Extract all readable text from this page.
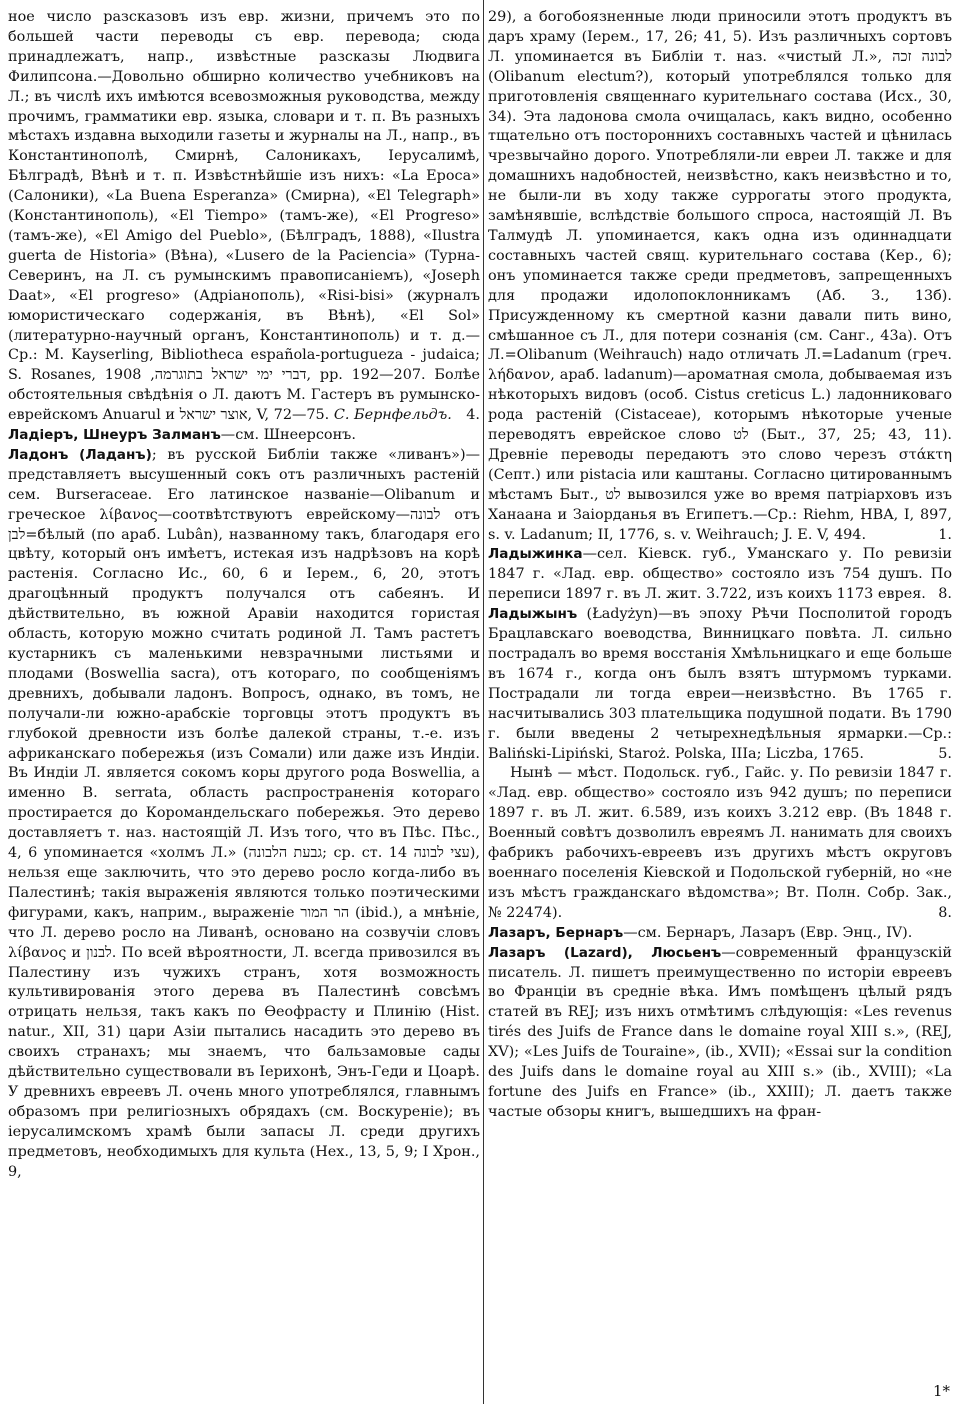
ное число разсказовъ изъ евр. жизни, причемъ это по большей части переводы съ евр. перевода; сюда принадлежатъ, напр., извѣстные разсказы Людвига Филипсона.—Довольно обширно количество учебниковъ на Л.; въ числѣ ихъ имѣются всевозможныя руководства, между прочимъ, грамматики евр. языка, словари и т. п. Въ разныхъ мѣстахъ издавна выходили газеты и журналы на Л., напр., въ Константинополѣ, Смирнѣ, Салоникахъ, Іерусалимѣ, Бѣлградѣ, Вѣнѣ и т. п. Извѣстнѣйшіе изъ нихъ: «La Epoca» (Салоники), «La Buena Esperanza» (Смирна), «El Telegraph» (Константинополь), «El Tiempo» (тамъ-же), «El Progreso» (тамъ-же), «El Amigo del Pueblo», (Бѣлградъ, 1888), «Ilustra guerta de Historia» (Вѣна), «Lusero de la Paciencia» (Турна-Северинъ, на Л. съ румынскимъ правописаніемъ), «Joseph Daat», «El progreso» (Адріанополь), «Risi-bisi» (журналъ юмористическаго содержанія, въ Вѣнѣ), «El Sol» (литературно-научный органъ, Константинополь) и т. д.—Ср.: M. Kayserling, Bibliotheca española-portugueza - judaica; S. Rosanes, דברי ימי ישראל בתוגרמה, 1908, pp. 192—207. Болѣе обстоятельныя свѣдѣнія о Л. даютъ М. Гастеръ въ румынско-еврейскомъ Anuarul и אוצר ישראל, V, 72—75. С. Бернфельдъ. 4.

Ладіеръ, Шнеуръ Залманъ—см. Шнеерсонъ.

Ладонъ (Ладанъ); въ русской Библіи также «ливанъ»)—представляетъ высушенный сокъ отъ различныхъ растеній сем. Burseraceae. Его латинское названіе—Olibanum и греческое λίβανος—соотвѣтствуютъ еврейскому—לבונה отъ לבן=бѣлый (по араб. Lubân), названному такъ, благодаря его цвѣту, который онъ имѣетъ, истекая изъ надрѣзовъ на корѣ растенія. Согласно Ис., 60, 6 и Іерем., 6, 20, этотъ драгоцѣнный продуктъ получался отъ сабеянъ. И дѣйствительно, въ южной Аравіи находится гористая область, которую можно считать родиной Л. Тамъ растетъ кустарникъ съ маленькими невзрачными листьями и плодами (Boswellia sacra), отъ котораго, по сообщеніямъ древнихъ, добывали ладонъ. Вопросъ, однако, въ томъ, не получали-ли южно-арабскіе торговцы этотъ продуктъ въ глубокой древности изъ болѣе далекой страны, т.-е. изъ африканскаго побережья (изъ Сомали) или даже изъ Индіи. Въ Индіи Л. является сокомъ коры другого рода Boswellia, а именно B. serrata, область распространенія котораго простирается до Коромандельскаго побережья. Это дерево доставляетъ т. наз. настоящій Л. Изъ того, что въ Пѣс. Пѣс., 4, 6 упоминается «холмъ Л.» (גבעת הלבונה; ср. ст. 14 עצי לבונה), нельзя еще заключить, что это дерево росло когда-либо въ Палестинѣ; такія выраженія являются только поэтическими фигурами, какъ, наприм., выраженіе הר המור (ibid.), а мнѣніе, что Л. дерево росло на Ливанѣ, основано на созвучіи словъ λίβανος и לבנון. По всей вѣроятности, Л. всегда привозился въ Палестину изъ чужихъ странъ, хотя возможность культивированія этого дерева въ Палестинѣ совсѣмъ отрицать нельзя, такъ какъ по Ѳеофрасту и Плинію (Hist. natur., XII, 31) цари Азіи пытались насадить это дерево въ своихъ странахъ; мы знаемъ, что бальзамовые сады дѣйствительно существовали въ Іерихонѣ, Энъ-Геди и Цоарѣ. У древнихъ евреевъ Л. очень много употреблялся, главнымъ образомъ при религіозныхъ обрядахъ (см. Воскуреніе); въ іерусалимскомъ храмѣ были запасы Л. среди другихъ предметовъ, необходимыхъ для культа (Нех., 13, 5, 9; I Хрон., 9,

29), а богобоязненные люди приносили этотъ продуктъ въ даръ храму (Іерем., 17, 26; 41, 5). Изъ различныхъ сортовъ Л. упоминается въ Библіи т. наз. «чистый Л.», לבונה זכה (Olibanum electum?), который употреблялся только для приготовленія священнаго курительнаго состава (Исх., 30, 34). Эта ладонова смола очищалась, какъ видно, особенно тщательно отъ постороннихъ составныхъ частей и цѣнилась чрезвычайно дорого. Употребляли-ли евреи Л. также и для домашнихъ надобностей, неизвѣстно, какъ неизвѣстно и то, не были-ли въ ходу также суррогаты этого продукта, замѣнявшіе, вслѣдствіе большого спроса, настоящій Л. Въ Талмудѣ Л. упоминается, какъ одна изъ одиннадцати составныхъ частей свящ. курительнаго состава (Кер., 6); онъ упоминается также среди предметовъ, запрещенныхъ для продажи идолопоклонникамъ (Аб. З., 13б). Присужденному къ смертной казни давали пить вино, смѣшанное съ Л., для потери сознанія (см. Санг., 43а). Отъ Л.=Olibanum (Weihrauch) надо отличать Л.=Ladanum (греч. λήδανον, араб. ladanum)—ароматная смола, добываемая изъ нѣкоторыхъ видовъ (особ. Cistus creticus L.) ладонниковаго рода растеній (Cistaceae), которымъ нѣкоторые ученые переводятъ еврейское слово לט (Быт., 37, 25; 43, 11). Древніе переводы передаютъ это слово черезъ στάκτη (Септ.) или pistacia или каштаны. Согласно цитированнымъ мѣстамъ Быт., לט вывозился уже во время патріарховъ изъ Ханаана и Заіорданья въ Египетъ.—Ср.: Riehm, HBA, I, 897, s. v. Ladanum; II, 1776, s. v. Weihrauch; J. E. V, 494.	1.

Ладыжинка—сел. Кіевск. губ., Уманскаго у. По ревизіи 1847 г. «Лад. евр. общество» состояло изъ 754 душъ. По переписи 1897 г. въ Л. жит. 3.722, изъ коихъ 1173 еврея. 8.

Ладыжынъ (Ładyżyn)—въ эпоху Рѣчи Посполитой городъ Брацлавскаго воеводства, Винницкаго повѣта. Л. сильно пострадалъ во время восстанія Хмѣльницкаго и еще больше въ 1674 г., когда онъ былъ взятъ штурмомъ турками. Пострадали ли тогда евреи—неизвѣстно. Въ 1765 г. насчитывались 303 плательщика подушной подати. Въ 1790 г. были введены 2 четырехнедѣльныя ярмарки.—Ср.: Baliński-Lipiński, Staroż. Polska, IIIa; Liczba, 1765.	5.

Нынѣ — мѣст. Подольск. губ., Гайс. у. По ревизіи 1847 г. «Лад. евр. общество» состояло изъ 942 душъ; по переписи 1897 г. въ Л. жит. 6.589, изъ коихъ 3.212 евр. (Въ 1848 г. Военный совѣтъ дозволилъ евреямъ Л. нанимать для своихъ фабрикъ рабочихъ-евреевъ изъ другихъ мѣстъ округовъ военнаго поселенія Кіевской и Подольской губерній, но «не изъ мѣстъ гражданскаго вѣдомства»; Вт. Полн. Собр. Зак., № 22474).	8.

Лазаръ, Бернаръ—см. Бернаръ, Лазаръ (Евр. Энц., IV).

Лазаръ (Lazard), Люсьенъ—современный французскій писатель. Л. пишетъ преимущественно по исторіи евреевъ во Франціи въ средніе вѣка. Имъ помѣщенъ цѣлый рядъ статей въ REJ; изъ нихъ отмѣтимъ слѣдующія: «Les revenus tirés des Juifs de France dans le domaine royal XIII s.», (REJ, XV); «Les Juifs de Touraine», (ib., XVII); «Essai sur la condition des Juifs dans le domaine royal au XIII s.» (ib., XVIII); «La fortune des Juifs en France» (ib., XXIII); Л. даетъ также частые обзоры книгъ, вышедшихъ на фран-

1*
